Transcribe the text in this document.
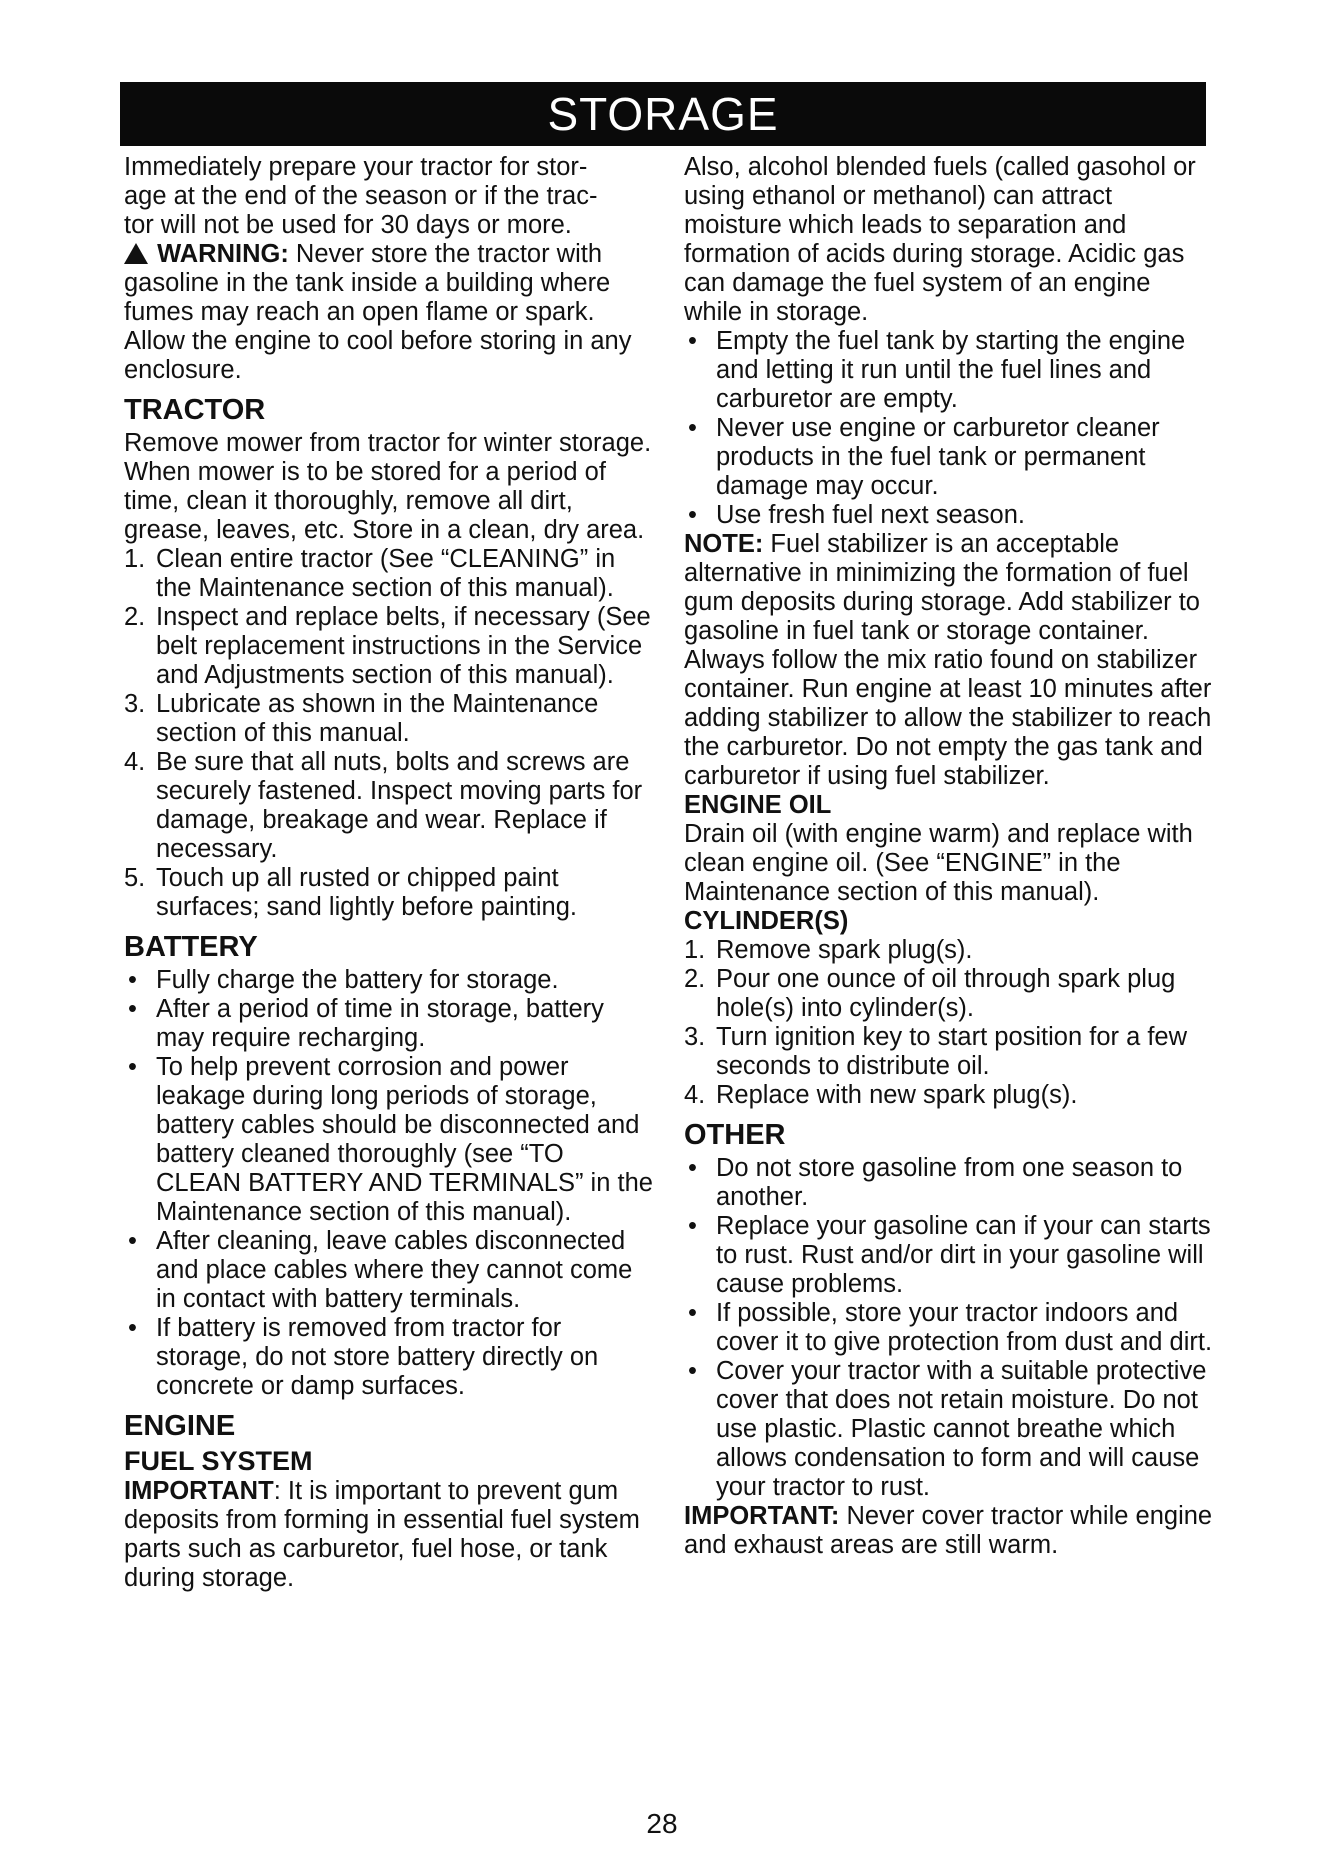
STORAGE

Immediately prepare your tractor for stor-
age at the end of the season or if the trac-
tor will not be used for 30 days or more.

WARNING: Never store the tractor with gasoline in the tank inside a building where fumes may reach an open flame or spark. Allow the engine to cool before storing in any enclosure.

TRACTOR

Remove mower from tractor for winter storage. When mower is to be stored for a period of time, clean it thoroughly, remove all dirt, grease, leaves, etc. Store in a clean, dry area.

1. Clean entire tractor (See “CLEANING” in the Maintenance section of this manual).
2. Inspect and replace belts, if necessary (See belt replacement instructions in the Service and Adjustments section of this manual).
3. Lubricate as shown in the Maintenance section of this manual.
4. Be sure that all nuts, bolts and screws are securely fastened. Inspect moving parts for damage, breakage and wear. Replace if necessary.
5. Touch up all rusted or chipped paint surfaces; sand lightly before painting.
BATTERY
• Fully charge the battery for storage.
• After a period of time in storage, battery may require recharging.
• To help prevent corrosion and power leakage during long periods of storage, battery cables should be disconnected and battery cleaned thoroughly (see “TO CLEAN BATTERY AND TERMINALS” in the Maintenance section of this manual).
• After cleaning, leave cables disconnected and place cables where they cannot come in contact with battery terminals.
• If battery is removed from tractor for storage, do not store battery directly on concrete or damp surfaces.
ENGINE
FUEL SYSTEM

IMPORTANT: It is important to prevent gum deposits from forming in essential fuel system parts such as carburetor, fuel hose, or tank during storage.

Also, alcohol blended fuels (called gasohol or using ethanol or methanol) can attract moisture which leads to separation and formation of acids during storage. Acidic gas can damage the fuel system of an engine while in storage.

• Empty the fuel tank by starting the engine and letting it run until the fuel lines and carburetor are empty.
• Never use engine or carburetor cleaner products in the fuel tank or permanent damage may occur.
• Use fresh fuel next season.

NOTE: Fuel stabilizer is an acceptable alternative in minimizing the formation of fuel gum deposits during storage. Add stabilizer to gasoline in fuel tank or storage container. Always follow the mix ratio found on stabilizer container. Run engine at least 10 minutes after adding stabilizer to allow the stabilizer to reach the carburetor. Do not empty the gas tank and carburetor if using fuel stabilizer.

ENGINE OIL

Drain oil (with engine warm) and replace with clean engine oil. (See “ENGINE” in the Maintenance section of this manual).

CYLINDER(S)
1. Remove spark plug(s).
2. Pour one ounce of oil through spark plug hole(s) into cylinder(s).
3. Turn ignition key to start position for a few seconds to distribute oil.
4. Replace with new spark plug(s).
OTHER
• Do not store gasoline from one season to another.
• Replace your gasoline can if your can starts to rust. Rust and/or dirt in your gasoline will cause problems.
• If possible, store your tractor indoors and cover it to give protection from dust and dirt.
• Cover your tractor with a suitable protective cover that does not retain moisture. Do not use plastic. Plastic cannot breathe which allows condensation to form and will cause your tractor to rust.

IMPORTANT: Never cover tractor while engine and exhaust areas are still warm.

28
